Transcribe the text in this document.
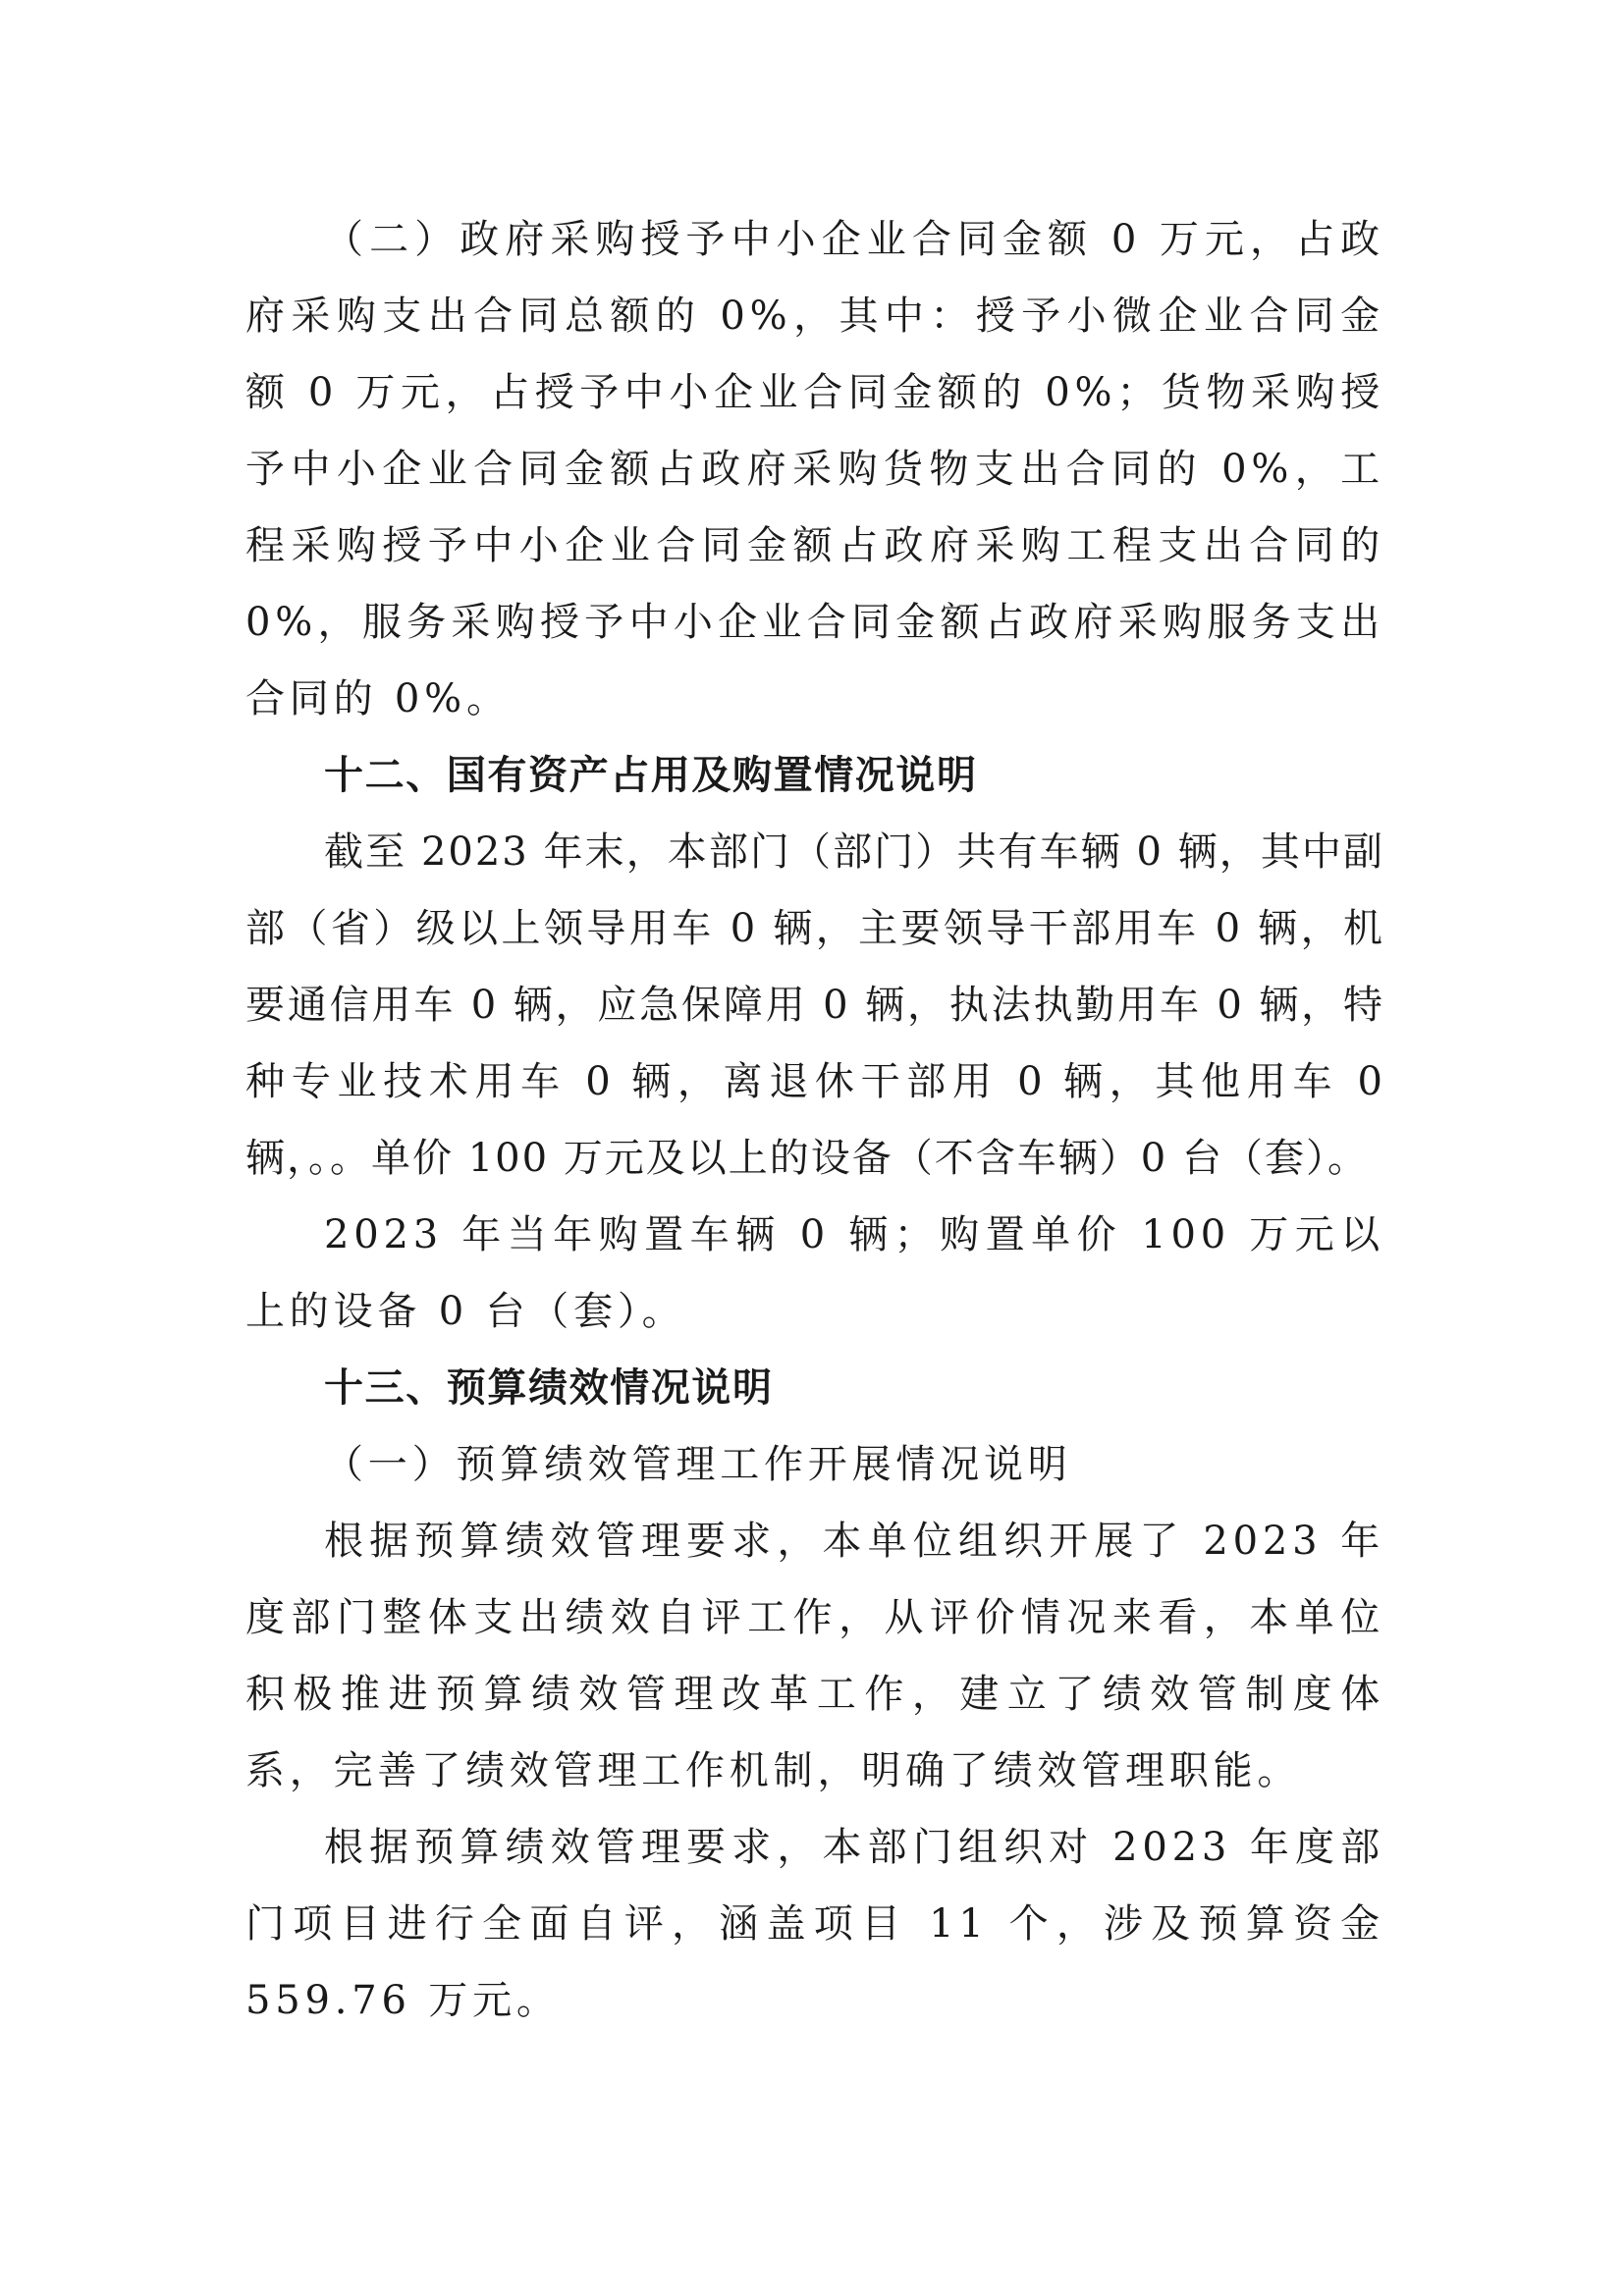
（二）政府采购授予中小企业合同金额 0 万元，占政府采购支出合同总额的 0%，其中：授予小微企业合同金额 0 万元，占授予中小企业合同金额的 0%；货物采购授予中小企业合同金额占政府采购货物支出合同的 0%，工程采购授予中小企业合同金额占政府采购工程支出合同的 0%，服务采购授予中小企业合同金额占政府采购服务支出合同的 0%。

十二、国有资产占用及购置情况说明

截至 2023 年末，本部门（部门）共有车辆 0 辆，其中副部（省）级以上领导用车 0 辆，主要领导干部用车 0 辆，机要通信用车 0 辆，应急保障用 0 辆，执法执勤用车 0 辆，特种专业技术用车 0 辆，离退休干部用 0 辆，其他用车 0 辆，。。单价 100 万元及以上的设备（不含车辆）0 台（套）。

2023 年当年购置车辆 0 辆；购置单价 100 万元以上的设备 0 台（套）。

十三、预算绩效情况说明

（一）预算绩效管理工作开展情况说明

根据预算绩效管理要求，本单位组织开展了 2023 年度部门整体支出绩效自评工作，从评价情况来看，本单位积极推进预算绩效管理改革工作，建立了绩效管制度体系，完善了绩效管理工作机制，明确了绩效管理职能。

根据预算绩效管理要求，本部门组织对 2023 年度部门项目进行全面自评，涵盖项目 11 个，涉及预算资金 559.76 万元。
